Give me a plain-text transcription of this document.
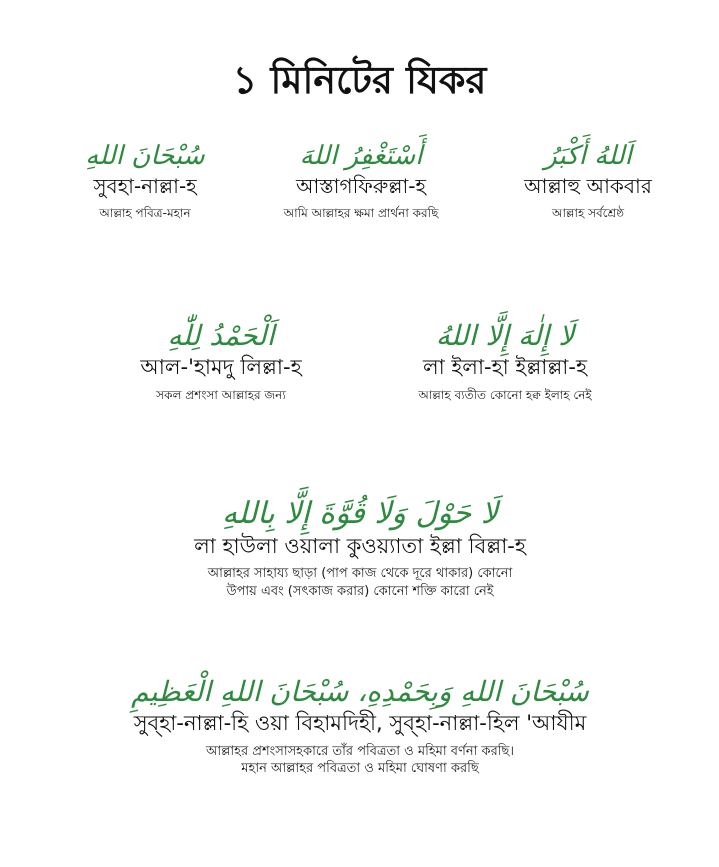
১ মিনিটের যিকর
سُبْحَانَ اللهِ
সুবহা-নাল্লা-হ
আল্লাহ পবিত্র-মহান
أَسْتَغْفِرُ اللهَ
আস্তাগফিরুল্লা-হ
আমি আল্লাহর ক্ষমা প্রার্থনা করছি
اَللهُ أَكْبَرُ
আল্লাহু আকবার
আল্লাহ সর্বশ্রেষ্ঠ
اَلْحَمْدُ لِلّٰهِ
আল-'হামদু লিল্লা-হ
সকল প্রশংসা আল্লাহর জন্য
لَا إِلٰهَ إِلَّا اللهُ
লা ইলা-হা ইল্লাল্লা-হ
আল্লাহ ব্যতীত কোনো হক্ব ইলাহ নেই
لَا حَوْلَ وَلَا قُوَّةَ إِلَّا بِاللهِ
লা হাউলা ওয়ালা কুওয়্যাতা ইল্লা বিল্লা-হ
আল্লাহর সাহায্য ছাড়া (পাপ কাজ থেকে দূরে থাকার) কোনো
উপায় এবং (সৎকাজ করার) কোনো শক্তি কারো নেই
سُبْحَانَ اللهِ وَبِحَمْدِهِ، سُبْحَانَ اللهِ الْعَظِيمِ
সুব্হা-নাল্লা-হি ওয়া বিহামদিহী, সুব্হা-নাল্লা-হিল 'আযীম
আল্লাহর প্রশংসাসহকারে তাঁর পবিত্রতা ও মহিমা বর্ণনা করছি।
মহান আল্লাহর পবিত্রতা ও মহিমা ঘোষণা করছি
